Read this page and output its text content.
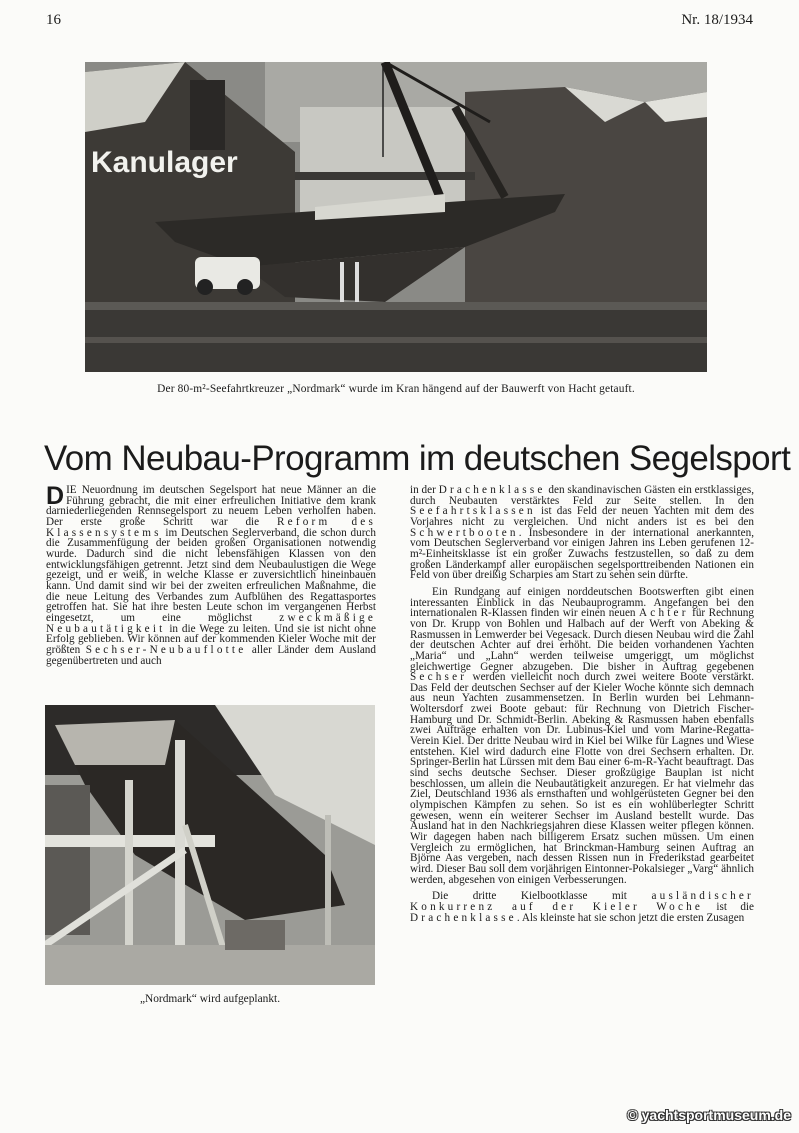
16	Nr. 18/1934
Kanulager
Der 80-m²-Seefahrtkreuzer „Nordmark“ wurde im Kran hängend auf der Bauwerft von Hacht getauft.
Vom Neubau-Programm im deutschen Segelsport

DIE Neuordnung im deutschen Segelsport hat neue Männer an die Führung gebracht, die mit einer erfreulichen Initiative dem krank darniederliegenden Rennsegelsport zu neuem Leben verholfen haben. Der erste große Schritt war die Reform des Klassensystems im Deutschen Seglerverband, die schon durch die Zusammenfügung der beiden großen Organisationen notwendig wurde. Dadurch sind die nicht lebensfähigen Klassen von den entwicklungsfähigen getrennt. Jetzt sind dem Neubaulustigen die Wege gezeigt, und er weiß, in welche Klasse er zuversichtlich hineinbauen kann. Und damit sind wir bei der zweiten erfreulichen Maßnahme, die die neue Leitung des Verbandes zum Aufblühen des Regattasportes getroffen hat. Sie hat ihre besten Leute schon im vergangenen Herbst eingesetzt, um eine möglichst zweckmäßige Neubautätigkeit in die Wege zu leiten. Und sie ist nicht ohne Erfolg geblieben. Wir können auf der kommenden Kieler Woche mit der größten Sechser-Neubauflotte aller Länder dem Ausland gegenübertreten und auch

„Nordmark“ wird aufgeplankt.

in der Drachenklasse den skandinavischen Gästen ein erstklassiges, durch Neubauten verstärktes Feld zur Seite stellen. In den Seefahrtsklassen ist das Feld der neuen Yachten mit dem des Vorjahres nicht zu vergleichen. Und nicht anders ist es bei den Schwertbooten. Insbesondere in der international anerkannten, vom Deutschen Seglerverband vor einigen Jahren ins Leben gerufenen 12-m²-Einheitsklasse ist ein großer Zuwachs festzustellen, so daß zu dem großen Länderkampf aller europäischen segelsporttreibenden Nationen ein Feld von über dreißig Scharpies am Start zu sehen sein dürfte.

Ein Rundgang auf einigen norddeutschen Bootswerften gibt einen interessanten Einblick in das Neubauprogramm. Angefangen bei den internationalen R-Klassen finden wir einen neuen Achter für Rechnung von Dr. Krupp von Bohlen und Halbach auf der Werft von Abeking & Rasmussen in Lemwerder bei Vegesack. Durch diesen Neubau wird die Zahl der deutschen Achter auf drei erhöht. Die beiden vorhandenen Yachten „Maria“ und „Lahn“ werden teilweise umgeriggt, um möglichst gleichwertige Gegner abzugeben. Die bisher in Auftrag gegebenen Sechser werden vielleicht noch durch zwei weitere Boote verstärkt. Das Feld der deutschen Sechser auf der Kieler Woche könnte sich demnach aus neun Yachten zusammensetzen. In Berlin wurden bei Lehmann-Woltersdorf zwei Boote gebaut: für Rechnung von Dietrich Fischer-Hamburg und Dr. Schmidt-Berlin. Abeking & Rasmussen haben ebenfalls zwei Aufträge erhalten von Dr. Lubinus-Kiel und vom Marine-Regatta-Verein Kiel. Der dritte Neubau wird in Kiel bei Wilke für Lagnes und Wiese entstehen. Kiel wird dadurch eine Flotte von drei Sechsern erhalten. Dr. Springer-Berlin hat Lürssen mit dem Bau einer 6-m-R-Yacht beauftragt. Das sind sechs deutsche Sechser. Dieser großzügige Bauplan ist nicht beschlossen, um allein die Neubautätigkeit anzuregen. Er hat vielmehr das Ziel, Deutschland 1936 als ernsthaften und wohlgerüsteten Gegner bei den olympischen Kämpfen zu sehen. So ist es ein wohlüberlegter Schritt gewesen, wenn ein weiterer Sechser im Ausland bestellt wurde. Das Ausland hat in den Nachkriegsjahren diese Klassen weiter pflegen können. Wir dagegen haben nach billigerem Ersatz suchen müssen. Um einen Vergleich zu ermöglichen, hat Brinckman-Hamburg seinen Auftrag an Björne Aas vergeben, nach dessen Rissen nun in Frederikstad gearbeitet wird. Dieser Bau soll dem vorjährigen Eintonner-Pokalsieger „Varg“ ähnlich werden, abgesehen von einigen Verbesserungen.

Die dritte Kielbootklasse mit ausländischer Konkurrenz auf der Kieler Woche ist die Drachenklasse. Als kleinste hat sie schon jetzt die ersten Zusagen

© yachtsportmuseum.de
